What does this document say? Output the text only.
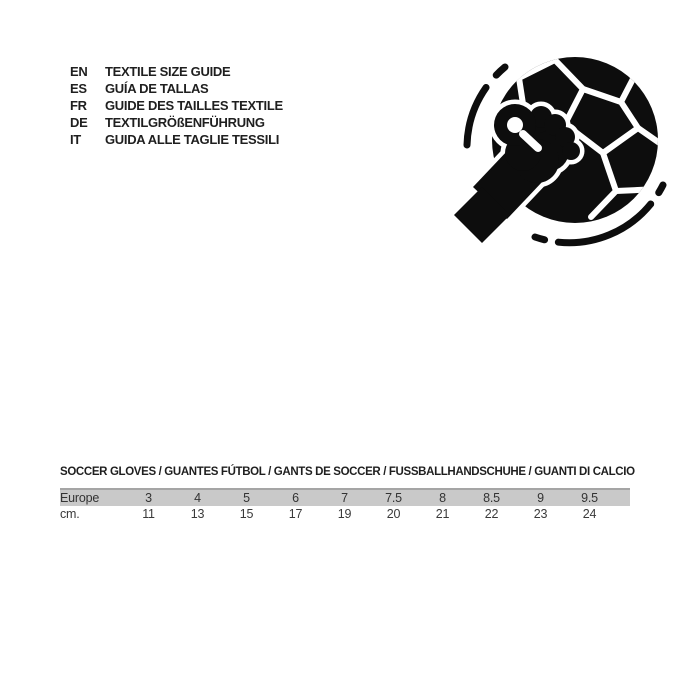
EN	TEXTILE SIZE GUIDE
ES	GUÍA DE TALLAS
FR	GUIDE DES TAILLES TEXTILE
DE	TEXTILGRÖßENFÜHRUNG
IT	GUIDA ALLE TAGLIE TESSILI
SOCCER GLOVES / GUANTES FÚTBOL / GANTS DE SOCCER / FUSSBALLHANDSCHUHE / GUANTI DI CALCIO
Europe	3	4	5	6	7	7.5	8	8.5	9	9.5
cm.	11	13	15	17	19	20	21	22	23	24
